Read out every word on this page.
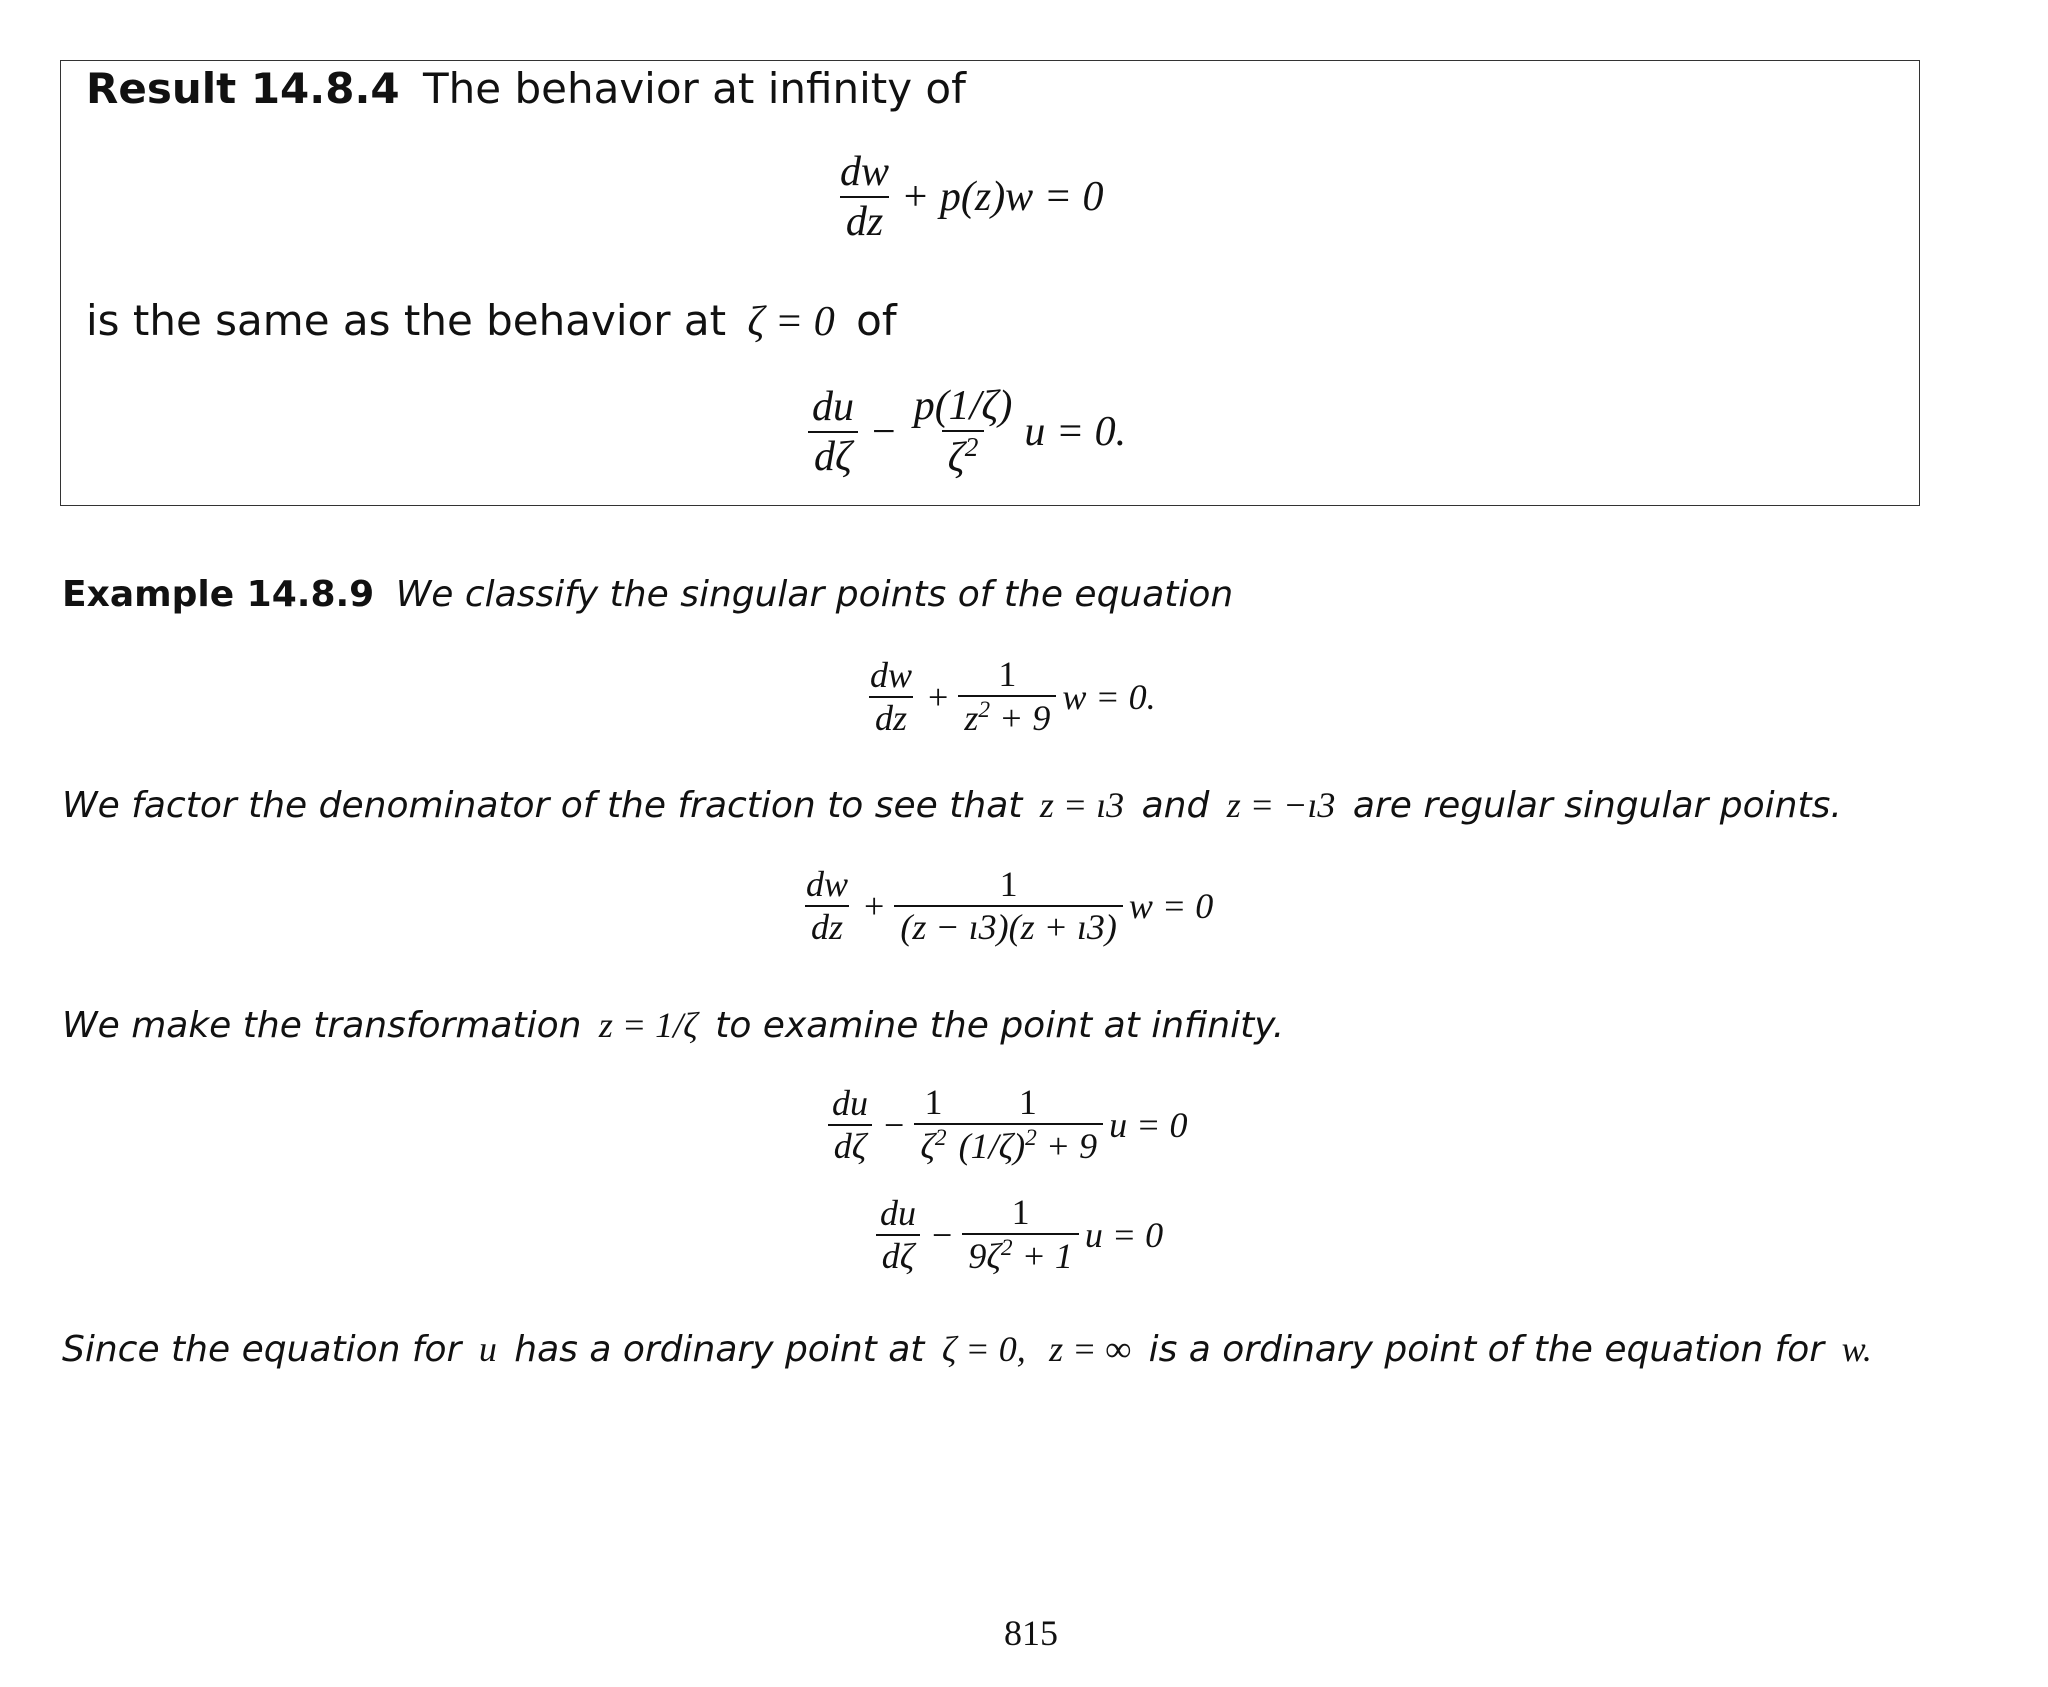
Result 14.8.4 The behavior at infinity of
$\frac{dw}{dz} + p(z)w = 0$
is the same as the behavior at ζ = 0 of
$\frac{du}{d\zeta} - \frac{p(1/\zeta)}{\zeta^2}$ u = 0.
Example 14.8.9 We classify the singular points of the equation
$\frac{dw}{dz} + \frac{1}{z^2 + 9}$ w = 0.
We factor the denominator of the fraction to see that z = ı3 and z = −ı3 are regular singular points.
$\frac{dw}{dz} + \frac{1}{(z - ı3)(z + ı3)}$ w = 0
We make the transformation z = 1/ζ to examine the point at infinity.
$\frac{du}{d\zeta} - \frac{1}{\zeta^2} \frac{1}{(1/\zeta)^2 + 9}$ u = 0
$\frac{du}{d\zeta} - \frac{1}{9\zeta^2 + 1}$ u = 0
Since the equation for u has a ordinary point at ζ = 0, z = ∞ is a ordinary point of the equation for w.
815
